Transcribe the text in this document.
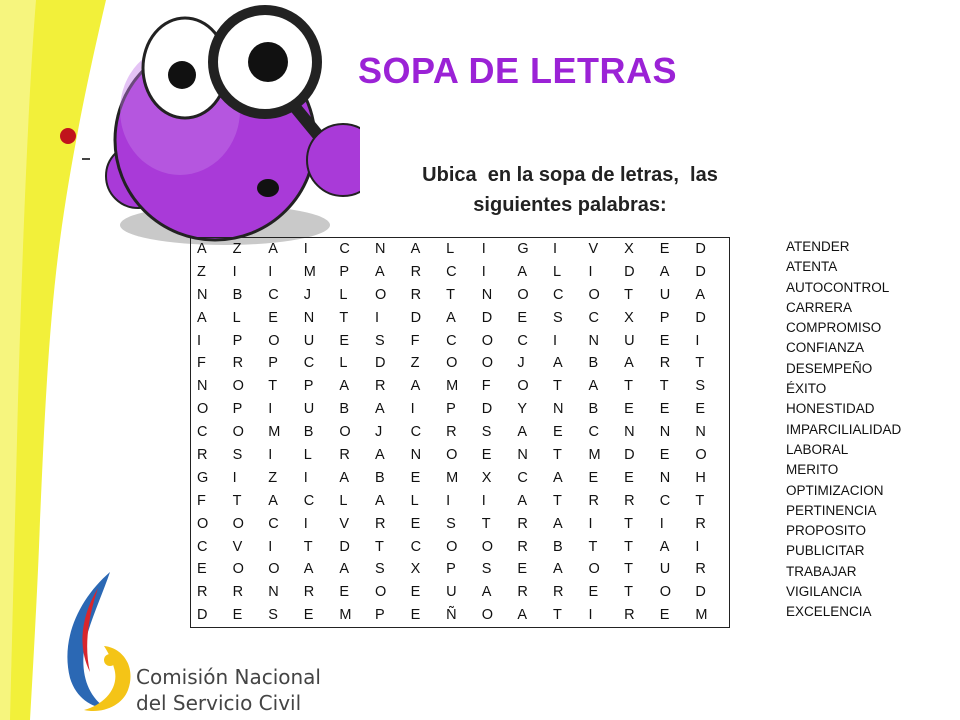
SOPA DE LETRAS
Ubica  en la sopa de letras,  las
siguientes palabras:
A	Z	A	I	C	N	A	L	I	G	I	V	X	E	D
Z	I	I	M	P	A	R	C	I	A	L	I	D	A	D
N	B	C	J	L	O	R	T	N	O	C	O	T	U	A
A	L	E	N	T	I	D	A	D	E	S	C	X	P	D
I	P	O	U	E	S	F	C	O	C	I	N	U	E	I
F	R	P	C	L	D	Z	O	O	J	A	B	A	R	T
N	O	T	P	A	R	A	M	F	O	T	A	T	T	S
O	P	I	U	B	A	I	P	D	Y	N	B	E	E	E
C	O	M	B	O	J	C	R	S	A	E	C	N	N	N
R	S	I	L	R	A	N	O	E	N	T	M	D	E	O
G	I	Z	I	A	B	E	M	X	C	A	E	E	N	H
F	T	A	C	L	A	L	I	I	A	T	R	R	C	T
O	O	C	I	V	R	E	S	T	R	A	I	T	I	R
C	V	I	T	D	T	C	O	O	R	B	T	T	A	I
E	O	O	A	A	S	X	P	S	E	A	O	T	U	R
R	R	N	R	E	O	E	U	A	R	R	E	T	O	D
D	E	S	E	M	P	E	Ñ	O	A	T	I	R	E	M
ATENDER
ATENTA
AUTOCONTROL
CARRERA
COMPROMISO
CONFIANZA
DESEMPEÑO
ÉXITO
HONESTIDAD
IMPARCILIALIDAD
LABORAL
MERITO
OPTIMIZACION
PERTINENCIA
PROPOSITO
PUBLICITAR
TRABAJAR
VIGILANCIA
EXCELENCIA
Comisión Nacional
del Servicio Civil
